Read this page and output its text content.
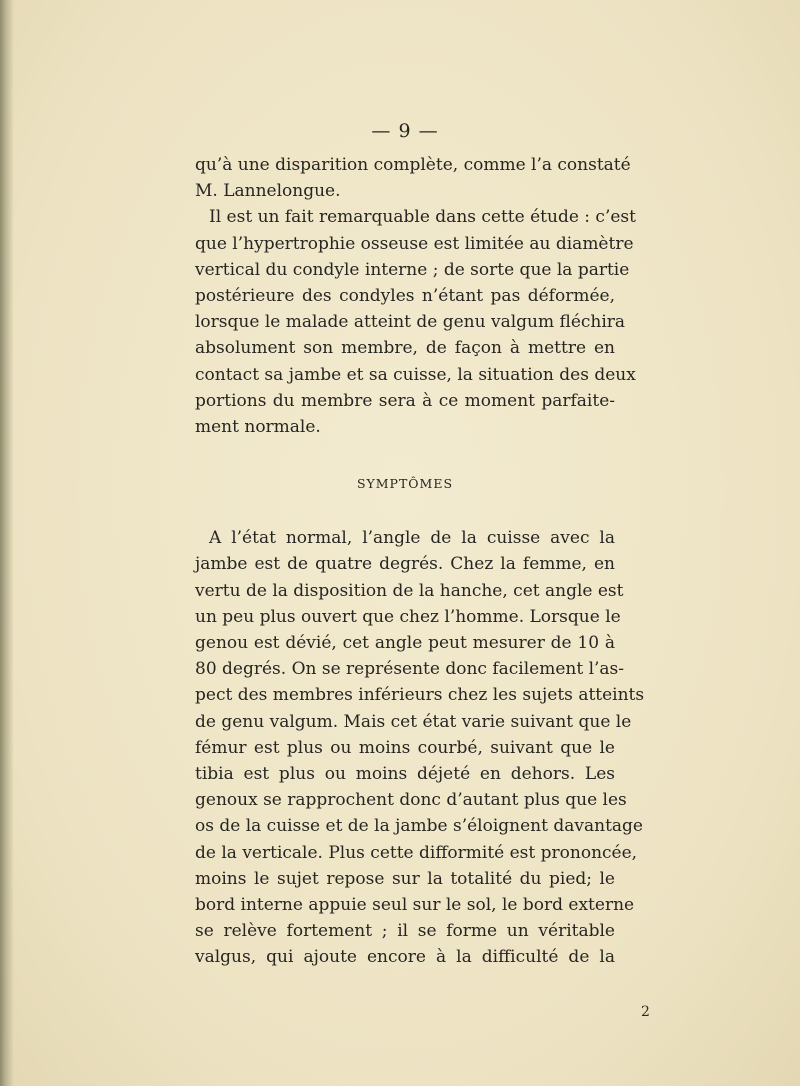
— 9 —

qu’à une disparition complète, comme l’a constaté
M. Lannelongue.

Il est un fait remarquable dans cette étude : c’est
que l’hypertrophie osseuse est limitée au diamètre
vertical du condyle interne ; de sorte que la partie
postérieure des condyles n’étant pas déformée,
lorsque le malade atteint de genu valgum fléchira
absolument son membre, de façon à mettre en
contact sa jambe et sa cuisse, la situation des deux
portions du membre sera à ce moment parfaite-
ment normale.

SYMPTÔMES

A l’état normal, l’angle de la cuisse avec la
jambe est de quatre degrés. Chez la femme, en
vertu de la disposition de la hanche, cet angle est
un peu plus ouvert que chez l’homme. Lorsque le
genou est dévié, cet angle peut mesurer de 10 à
80 degrés. On se représente donc facilement l’as-
pect des membres inférieurs chez les sujets atteints
de genu valgum. Mais cet état varie suivant que le
fémur est plus ou moins courbé, suivant que le
tibia est plus ou moins déjeté en dehors. Les
genoux se rapprochent donc d’autant plus que les
os de la cuisse et de la jambe s’éloignent davantage
de la verticale. Plus cette difformité est prononcée,
moins le sujet repose sur la totalité du pied; le
bord interne appuie seul sur le sol, le bord externe
se relève fortement ; il se forme un véritable
valgus, qui ajoute encore à la difficulté de la

2
